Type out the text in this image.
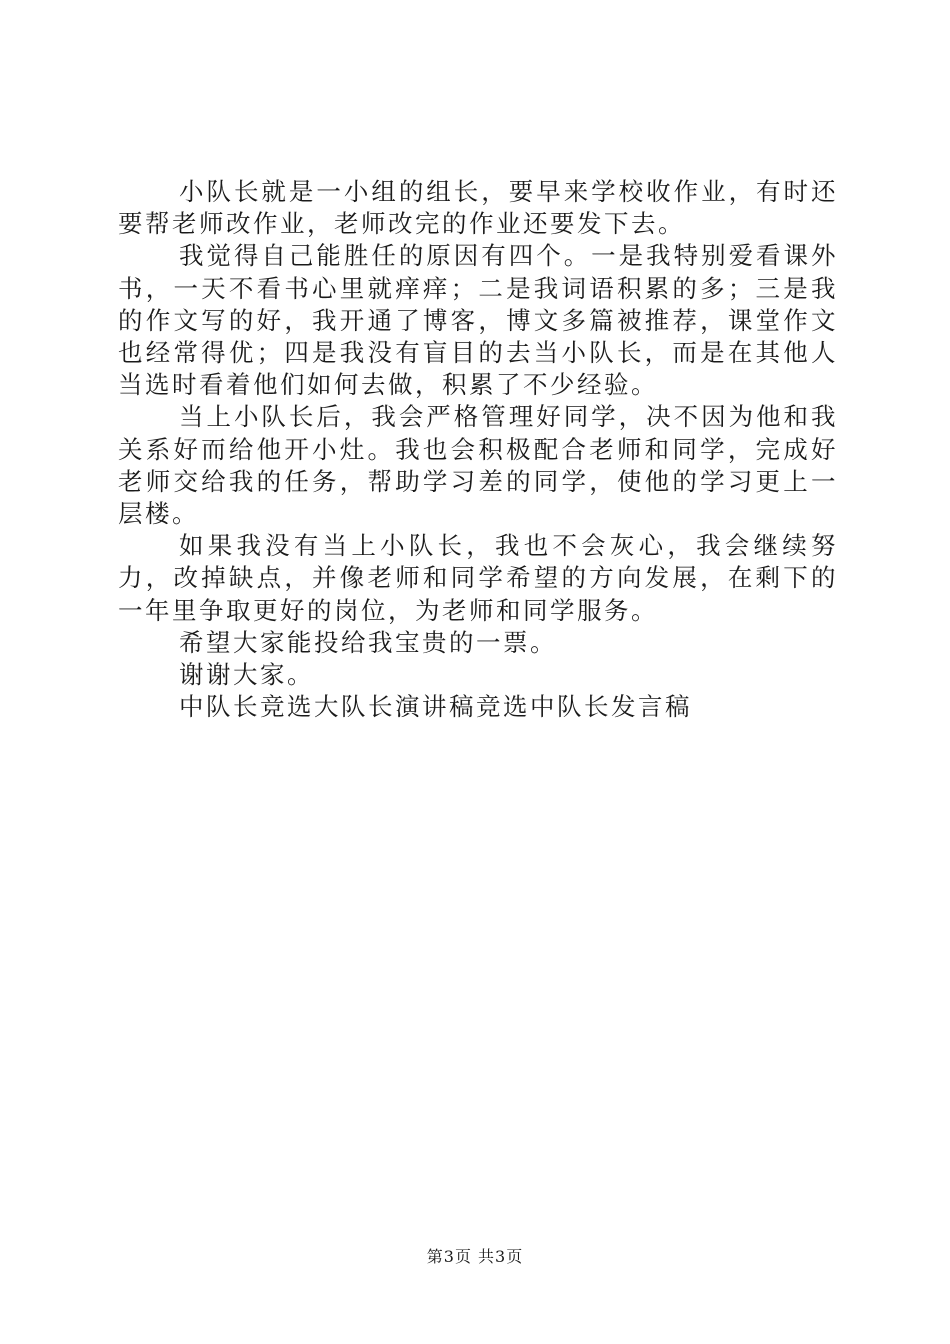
小队长就是一小组的组长，要早来学校收作业，有时还要帮老师改作业，老师改完的作业还要发下去。

我觉得自己能胜任的原因有四个。一是我特别爱看课外书，一天不看书心里就痒痒；二是我词语积累的多；三是我的作文写的好，我开通了博客，博文多篇被推荐，课堂作文也经常得优；四是我没有盲目的去当小队长，而是在其他人当选时看着他们如何去做，积累了不少经验。

当上小队长后，我会严格管理好同学，决不因为他和我关系好而给他开小灶。我也会积极配合老师和同学，完成好老师交给我的任务，帮助学习差的同学，使他的学习更上一层楼。

如果我没有当上小队长，我也不会灰心，我会继续努力，改掉缺点，并像老师和同学希望的方向发展，在剩下的一年里争取更好的岗位，为老师和同学服务。

希望大家能投给我宝贵的一票。

谢谢大家。

中队长竞选大队长演讲稿竞选中队长发言稿

第3页 共3页
